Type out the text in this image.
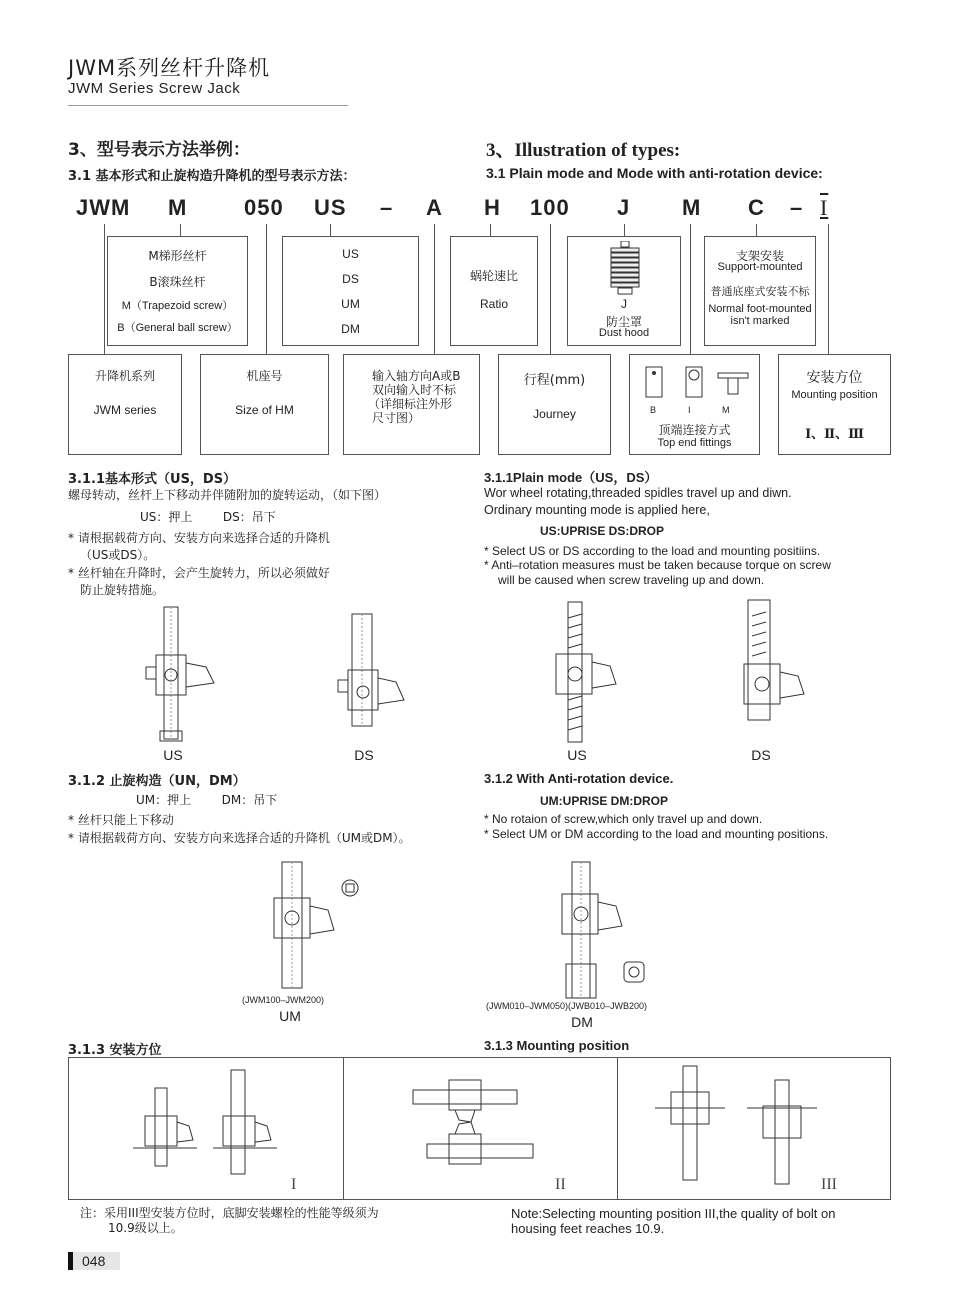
JWM系列丝杆升降机
JWM Series Screw Jack
3、型号表示方法举例：	3、Illustration of types:
3.1 基本形式和止旋构造升降机的型号表示方法：	3.1 Plain mode and Mode with anti-rotation device:
JWM M	050 US – A H 100 J M C – I
M梯形丝杆
B滚珠丝杆
M（Trapezoid screw）
B（General ball screw）
US
DS
UM
DM
蜗轮速比
Ratio	J
防尘罩
Dust hood
支架安装
Support-mounted
普通底座式安装不标
Normal foot-mounted
isn't marked
升降机系列
JWM series
机座号
Size of HM
输入轴方向A或B
双向输入时不标
（详细标注外形
尺寸图）
行程(mm)
Journey	B	I	M
顶端连接方式
Top end fittings
安装方位
Mounting position
Ⅰ、Ⅱ、Ⅲ
3.1.1基本形式（US，DS）
螺母转动，丝杆上下移动并伴随附加的旋转运动，（如下图）
US：押上        DS：吊下
* 请根据载荷方向、安装方向来选择合适的升降机
（US或DS）。
* 丝杆轴在升降时，会产生旋转力，所以必须做好
防止旋转措施。
3.1.1Plain mode（US，DS）
Wor wheel rotating,threaded spidles travel up and diwn.
Ordinary mounting mode is applied here,
US:UPRISE DS:DROP
* Select US or DS according to the load and mounting positiins.
* Anti–rotation measures must be taken because torque on screw
will be caused when screw traveling up and down.
US	DS	US	DS
3.1.2 止旋构造（UN，DM）
UM：押上        DM：吊下
* 丝杆只能上下移动
* 请根据载荷方向、安装方向来选择合适的升降机（UM或DM）。
3.1.2 With Anti-rotation device.
UM:UPRISE DM:DROP
* No rotaion of screw,which only travel up and down.
* Select UM or DM according to the load and mounting positions.
(JWM100–JWM200)
UM
(JWM010–JWM050)(JWB010–JWB200)
DM
3.1.3 安装方位	3.1.3 Mounting position
I	II	III
注：采用III型安装方位时，底脚安装螺栓的性能等级须为
10.9级以上。
Note:Selecting mounting position III,the quality of bolt on
housing feet reaches 10.9.
048
